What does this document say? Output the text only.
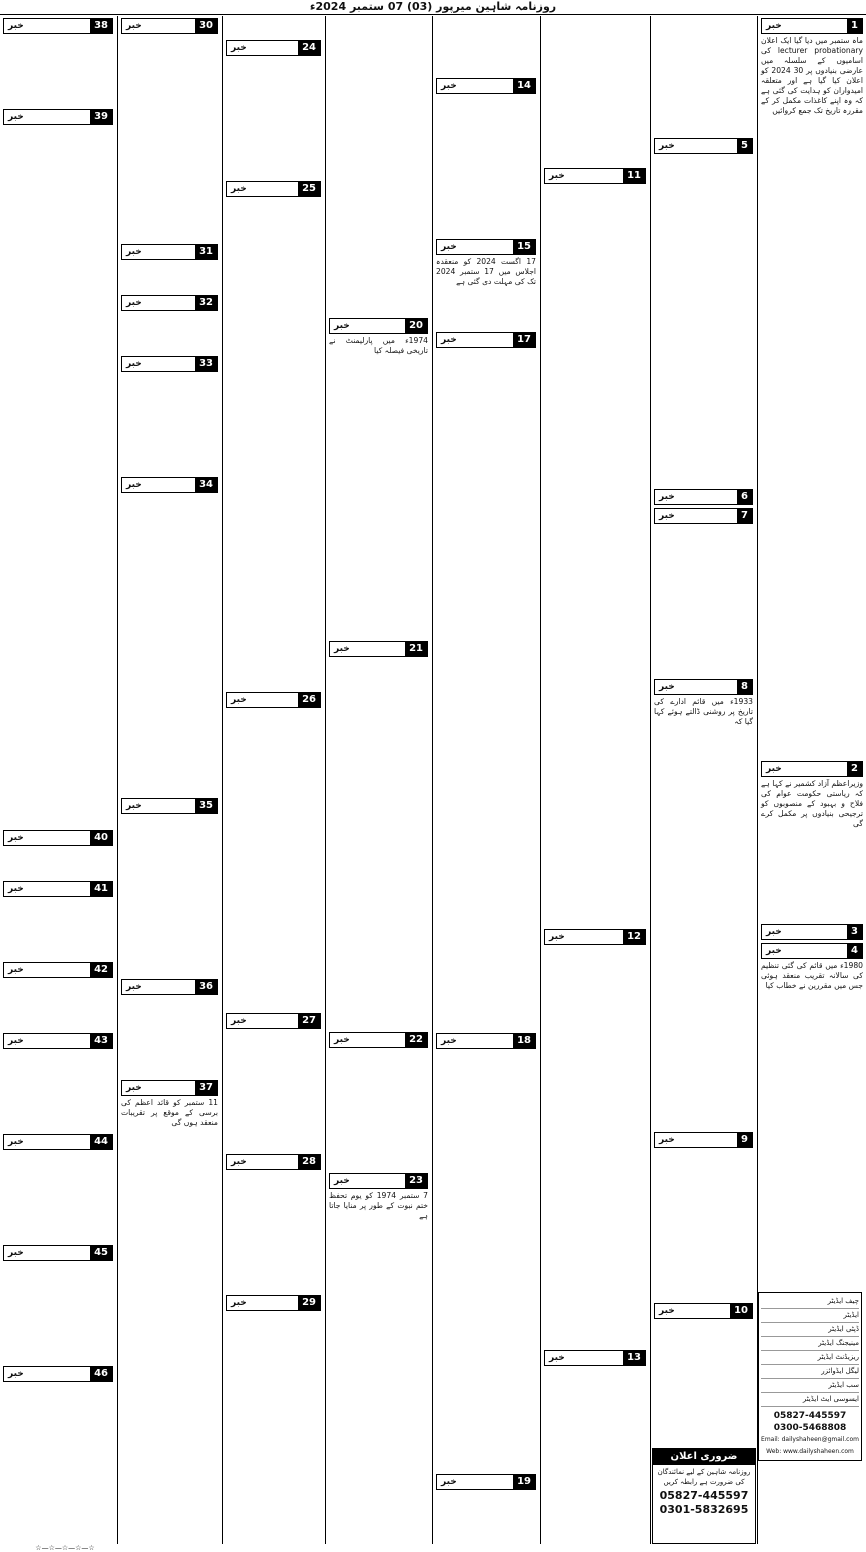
روزنامہ شاہین میرپور (03) 07 ستمبر 2024ء
خبر	1

ماہ ستمبر میں دیا گیا ایک اعلان lecturer probationary کی اسامیوں کے سلسلہ میں عارضی بنیادوں پر 30 2024 کو اعلان کیا گیا ہے اور متعلقہ امیدواران کو ہدایت کی گئی ہے کہ وہ اپنے کاغذات مکمل کر کے مقررہ تاریخ تک جمع کروائیں

خبر	2

وزیراعظم آزاد کشمیر نے کہا ہے کہ ریاستی حکومت عوام کی فلاح و بہبود کے منصوبوں کو ترجیحی بنیادوں پر مکمل کرے گی

خبر	3
خبر	4

1980ء میں قائم کی گئی تنظیم کی سالانہ تقریب منعقد ہوئی جس میں مقررین نے خطاب کیا

خبر	5
خبر	6
خبر	7
خبر	8

1933ء میں قائم ادارے کی تاریخ پر روشنی ڈالتے ہوئے کہا گیا کہ

خبر	9
خبر	10
خبر	11
خبر	12
خبر	13
خبر	14
خبر	15

17 اگست 2024 کو منعقدہ اجلاس میں 17 ستمبر 2024 تک کی مہلت دی گئی ہے

خبر	17
خبر	18
خبر	19
خبر	20

1974ء میں پارلیمنٹ نے تاریخی فیصلہ کیا

خبر	21
خبر	22
خبر	23

7 ستمبر 1974 کو یوم تحفظ ختم نبوت کے طور پر منایا جاتا ہے

خبر	24
خبر	25
خبر	26
خبر	27
خبر	28
خبر	29
خبر	30
خبر	31
خبر	32
خبر	33
خبر	34
خبر	35
خبر	36
خبر	37

11 ستمبر کو قائد اعظم کی برسی کے موقع پر تقریبات منعقد ہوں گی

خبر	38
خبر	39
خبر	40
خبر	41
خبر	42
خبر	43
خبر	44
خبر	45
خبر	46
چیف ایڈیٹر
ایڈیٹر
ڈپٹی ایڈیٹر
مینیجنگ ایڈیٹر
ریزیڈنٹ ایڈیٹر
لیگل ایڈوائزر
سب ایڈیٹر
ایسوسی ایٹ ایڈیٹر
05827-445597
0300-5468808
Email: dailyshaheen@gmail.com
Web: www.dailyshaheen.com
ضروری اعلان
روزنامہ شاہین کے لیے نمائندگان کی ضرورت ہے رابطہ کریں
05827-445597
0301-5832695
☆—☆—☆—☆—☆
